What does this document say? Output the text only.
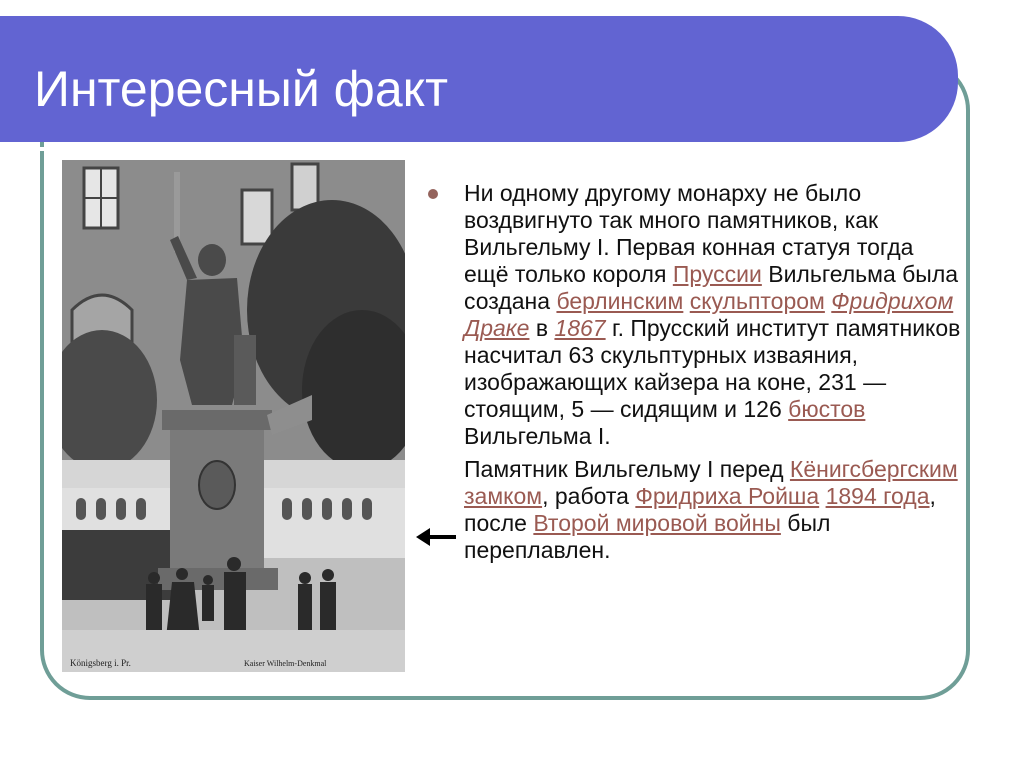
Интересный факт
Königsberg i. Pr.	Kaiser Wilhelm-Denkmal
Ни одному другому монарху не было воздвигнуто так много памятников, как Вильгельму I. Первая конная статуя тогда ещё только короля Пруссии Вильгельма была создана берлинским скульптором Фридрихом Драке в 1867 г. Прусский институт памятников насчитал 63 скульптурных изваяния, изображающих кайзера на коне, 231 — стоящим, 5 — сидящим и 126 бюстов Вильгельма I.
Памятник Вильгельму I перед Кёнигсбергским замком, работа Фридриха Ройша 1894 года, после Второй мировой войны был переплавлен.
